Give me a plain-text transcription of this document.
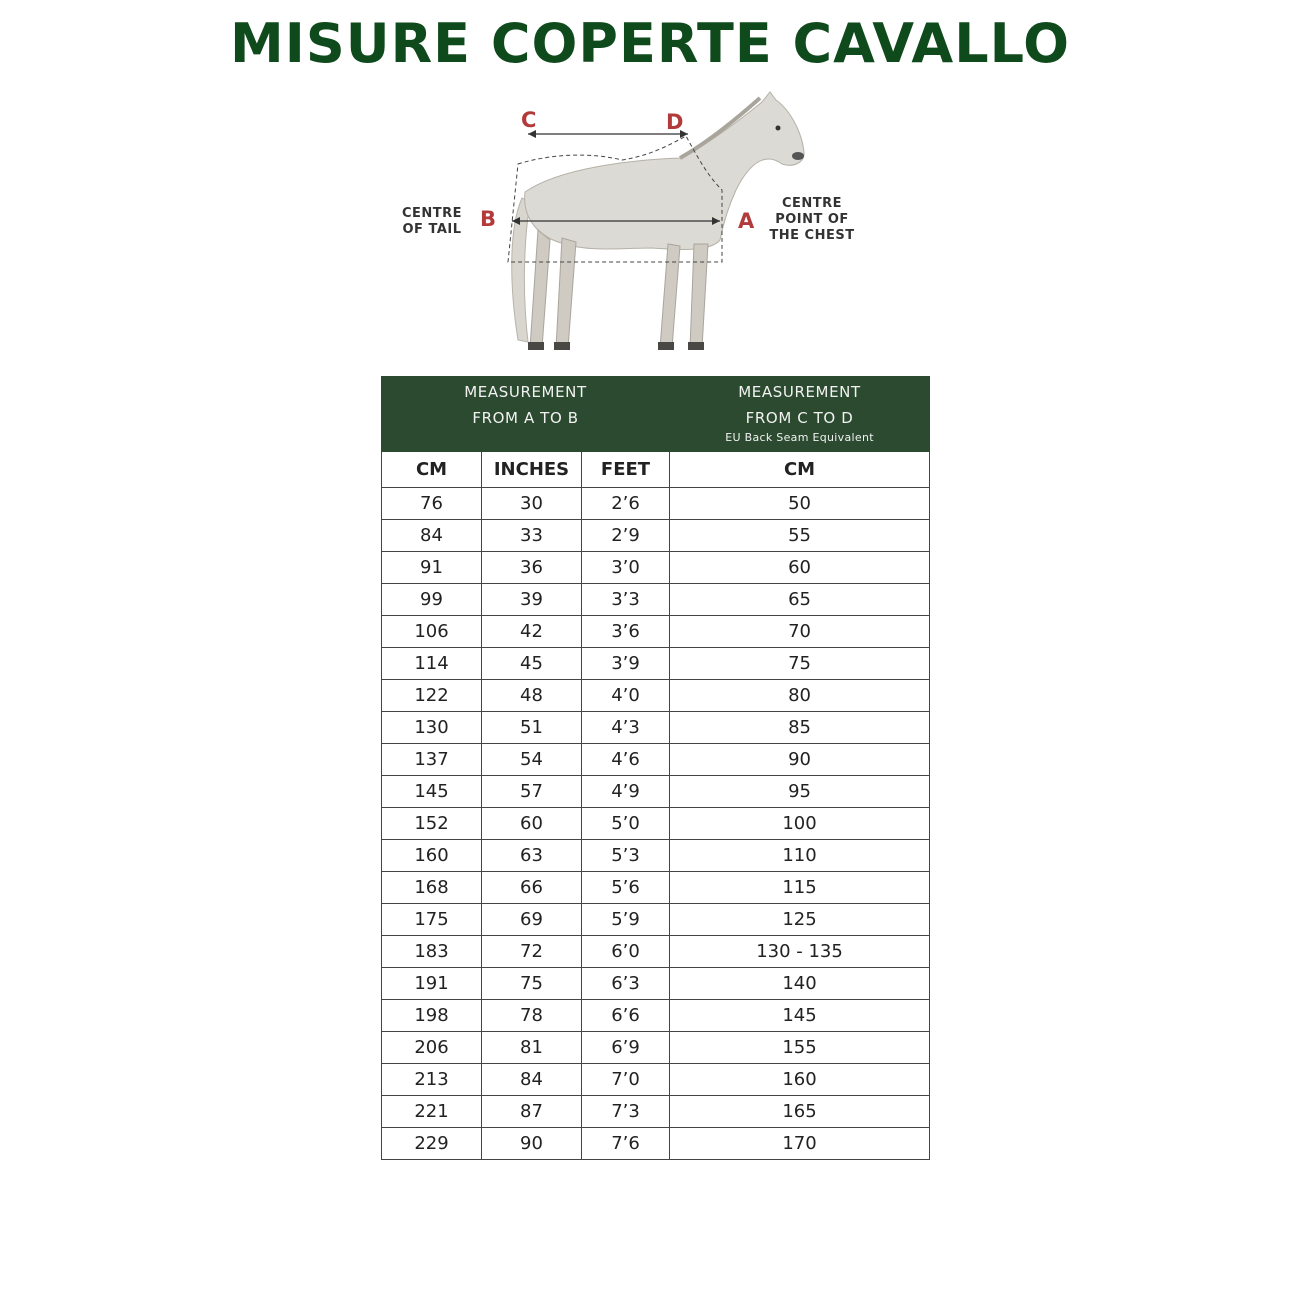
MISURE COPERTE CAVALLO
C	D
B	A
CENTRE
OF TAIL
CENTRE
POINT OF
THE CHEST
MEASUREMENT
FROM A TO B			MEASUREMENT
FROM C TO D
EU Back Seam Equivalent

CM	INCHES	FEET	CM
76	30	2’6	50
84	33	2’9	55
91	36	3’0	60
99	39	3’3	65
106	42	3’6	70
114	45	3’9	75
122	48	4’0	80
130	51	4’3	85
137	54	4’6	90
145	57	4’9	95
152	60	5’0	100
160	63	5’3	110
168	66	5’6	115
175	69	5’9	125
183	72	6’0	130 - 135
191	75	6’3	140
198	78	6’6	145
206	81	6’9	155
213	84	7’0	160
221	87	7’3	165
229	90	7’6	170
